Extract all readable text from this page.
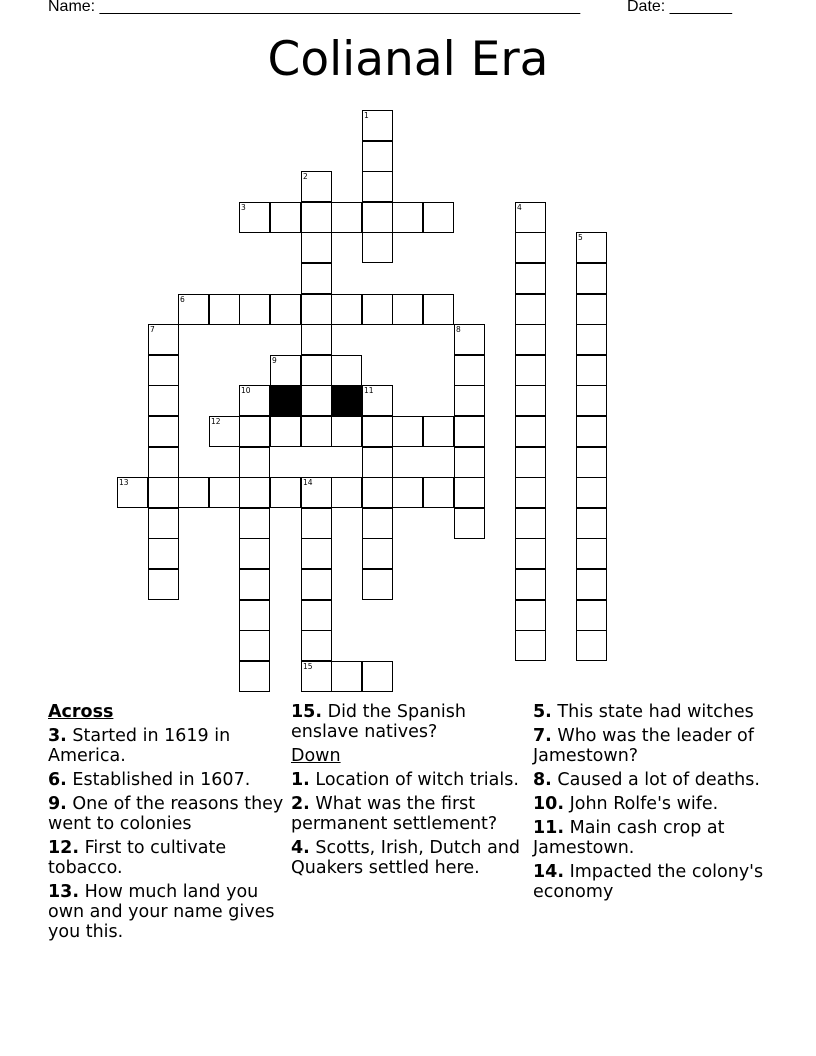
Name: ______________________________________________________	Date: _______
Colianal Era
1
2
3	4
5
6
7	8
9
10	11
12
13	14
15
Across
3. Started in 1619 in America.
6. Established in 1607.
9. One of the reasons they went to colonies
12. First to cultivate tobacco.
13. How much land you own and your name gives you this.
15. Did the Spanish enslave natives?
Down
1. Location of witch trials.
2. What was the first permanent settlement?
4. Scotts, Irish, Dutch and Quakers settled here.
5. This state had witches
7. Who was the leader of Jamestown?
8. Caused a lot of deaths.
10. John Rolfe's wife.
11. Main cash crop at Jamestown.
14. Impacted the colony's economy
